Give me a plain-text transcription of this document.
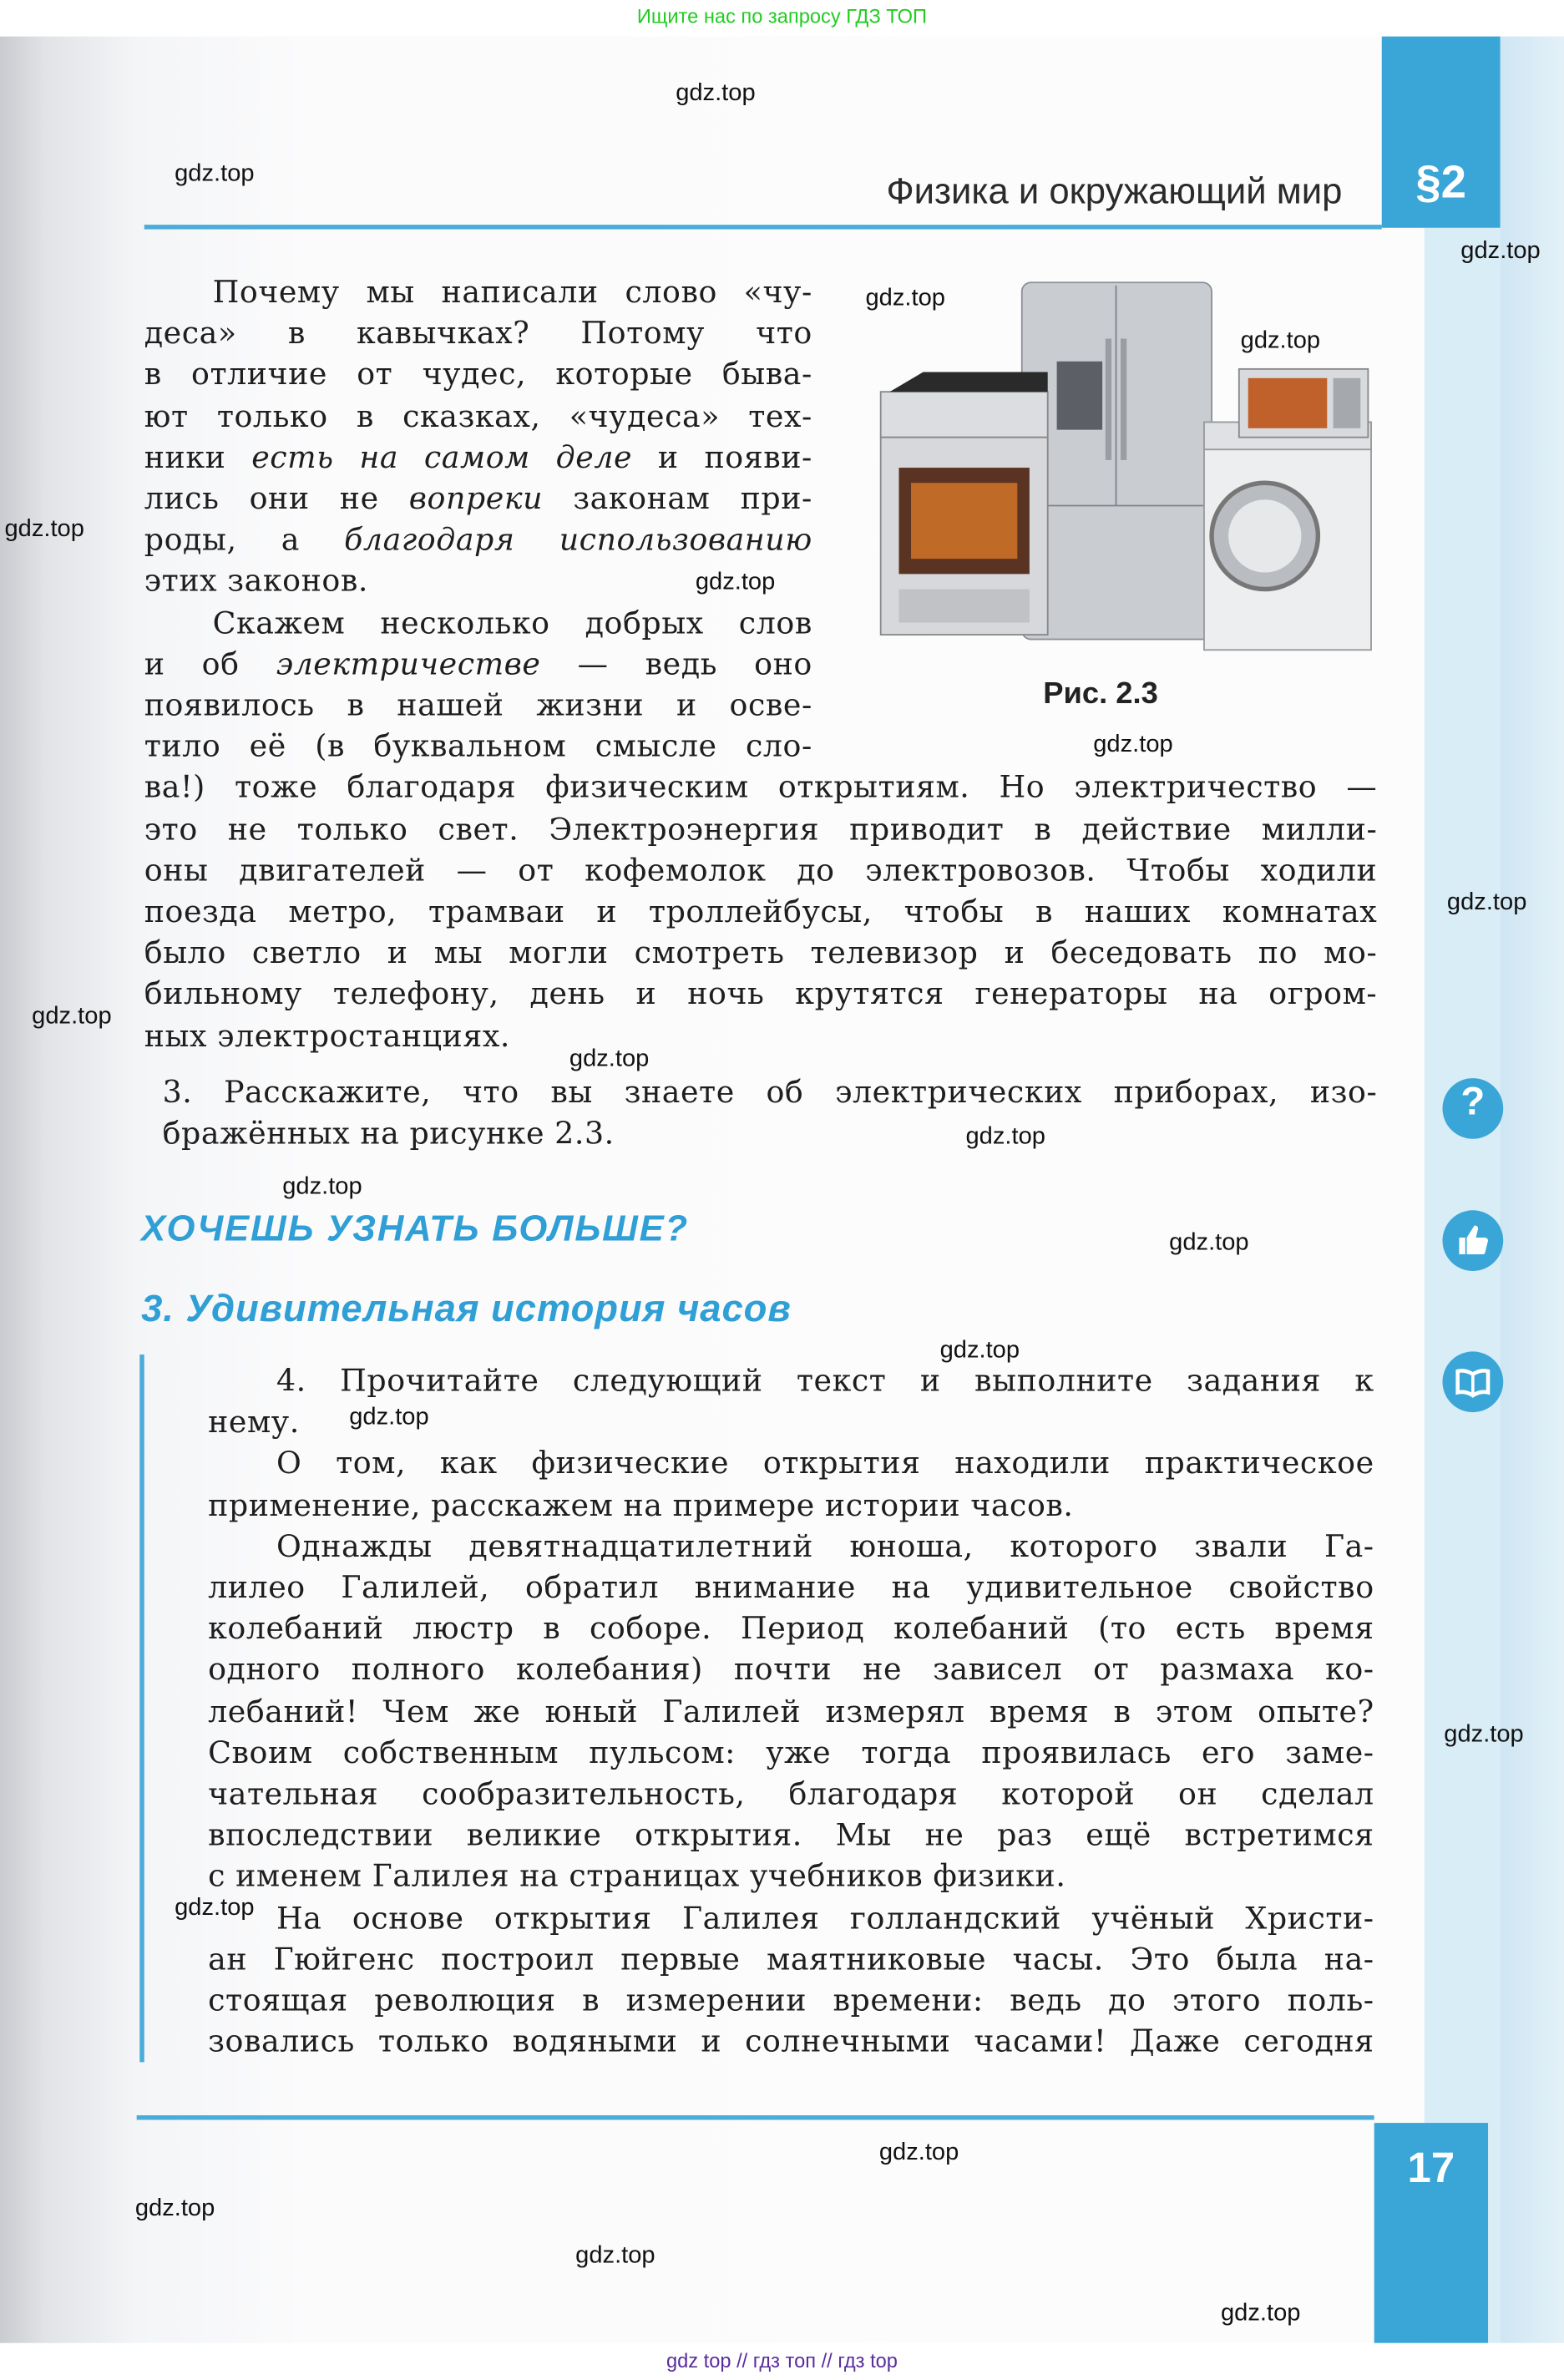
Ищите нас по запросу ГДЗ ТОП
§2
Физика и окружающий мир
Почему мы написали слово «чу-
деса» в кавычках? Потому что
в отличие от чудес, которые быва-
ют только в сказках, «чудеса» тех-
ники есть на самом деле и появи-
лись они не вопреки законам при-
роды, а благодаря использованию
этих законов.
Скажем несколько добрых слов
и об электричестве — ведь оно
появилось в нашей жизни и осве-
тило её (в буквальном смысле сло-
ва!) тоже благодаря физическим открытиям. Но электричество —
это не только свет. Электроэнергия приводит в действие милли-
оны двигателей — от кофемолок до электровозов. Чтобы ходили
поезда метро, трамваи и троллейбусы, чтобы в наших комнатах
было светло и мы могли смотреть телевизор и беседовать по мо-
бильному телефону, день и ночь крутятся генераторы на огром-
ных электростанциях.
3. Расскажите, что вы знаете об электрических приборах, изо-
бражённых на рисунке 2.3.
4. Прочитайте следующий текст и выполните задания к
нему.
О том, как физические открытия находили практическое
применение, расскажем на примере истории часов.
Однажды девятнадцатилетний юноша, которого звали Га-
лилео Галилей, обратил внимание на удивительное свойство
колебаний люстр в соборе. Период колебаний (то есть время
одного полного колебания) почти не зависел от размаха ко-
лебаний! Чем же юный Галилей измерял время в этом опыте?
Своим собственным пульсом: уже тогда проявилась его заме-
чательная сообразительность, благодаря которой он сделал
впоследствии великие открытия. Мы не раз ещё встретимся
с именем Галилея на страницах учебников физики.
На основе открытия Галилея голландский учёный Христи-
ан Гюйгенс построил первые маятниковые часы. Это была на-
стоящая революция в измерении времени: ведь до этого поль-
зовались только водяными и солнечными часами! Даже сегодня
Рис. 2.3
ХОЧЕШЬ УЗНАТЬ БОЛЬШЕ?
3. Удивительная история часов
?
17
gdz.top
gdz.top
gdz.top
gdz.top
gdz.top
gdz.top
gdz.top
gdz.top
gdz.top
gdz.top
gdz.top
gdz.top
gdz.top
gdz.top
gdz.top
gdz.top
gdz.top
gdz.top
gdz.top
gdz.top
gdz.top
gdz.top
gdz top // гдз топ // гдз top
